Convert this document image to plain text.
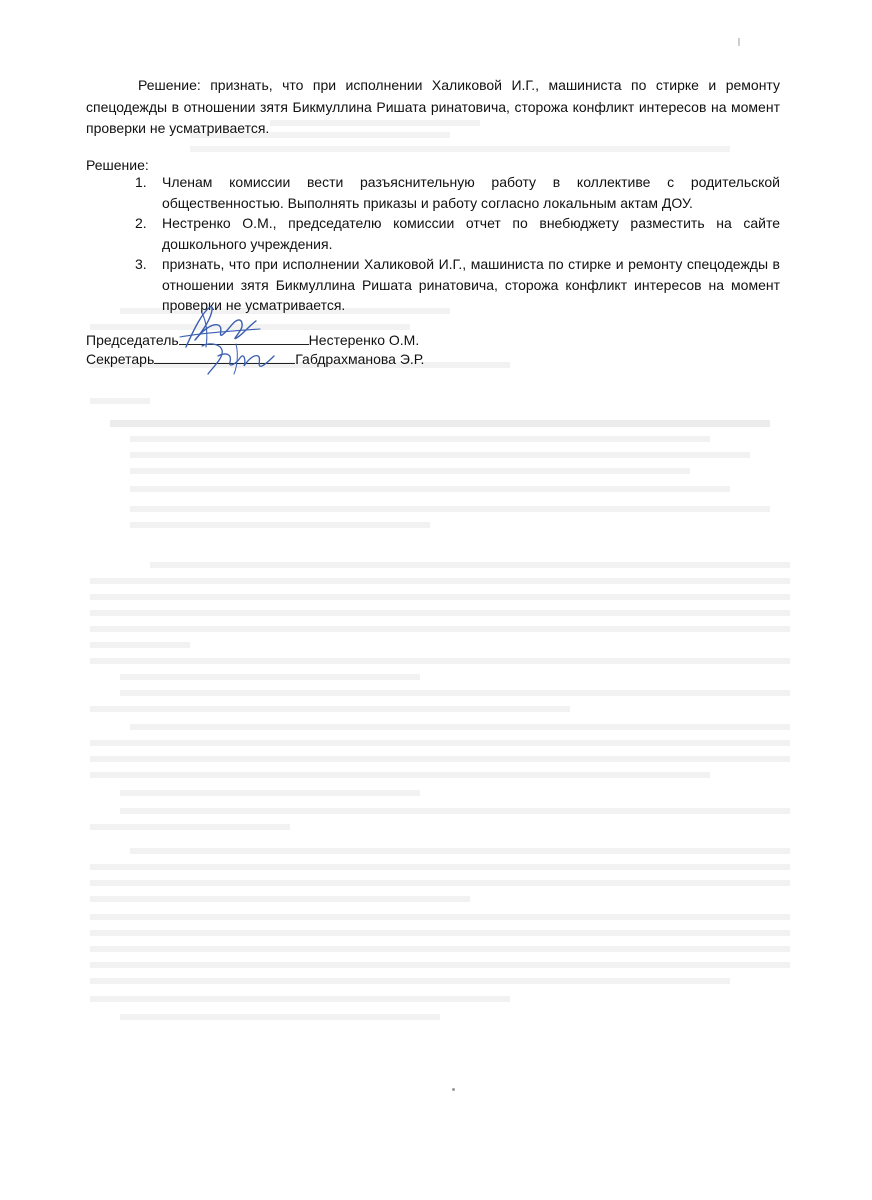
Решение: признать, что при исполнении Халиковой И.Г., машиниста по стирке и ремонту спецодежды в отношении зятя Бикмуллина Ришата ринатовича, сторожа конфликт интересов на момент проверки не усматривается.
Решение:
1. Членам комиссии вести разъяснительную работу в коллективе с родительской общественностью. Выполнять приказы и работу согласно локальным актам ДОУ.
2. Нестренко О.М., председателю комиссии отчет по внебюджету разместить на сайте дошкольного учреждения.
3. признать, что при исполнении Халиковой И.Г., машиниста по стирке и ремонту спецодежды в отношении зятя Бикмуллина Ришата ринатовича, сторожа конфликт интересов на момент проверки не усматривается.
Председатель	Нестеренко О.М.
Секретарь	Габдрахманова Э.Р.
